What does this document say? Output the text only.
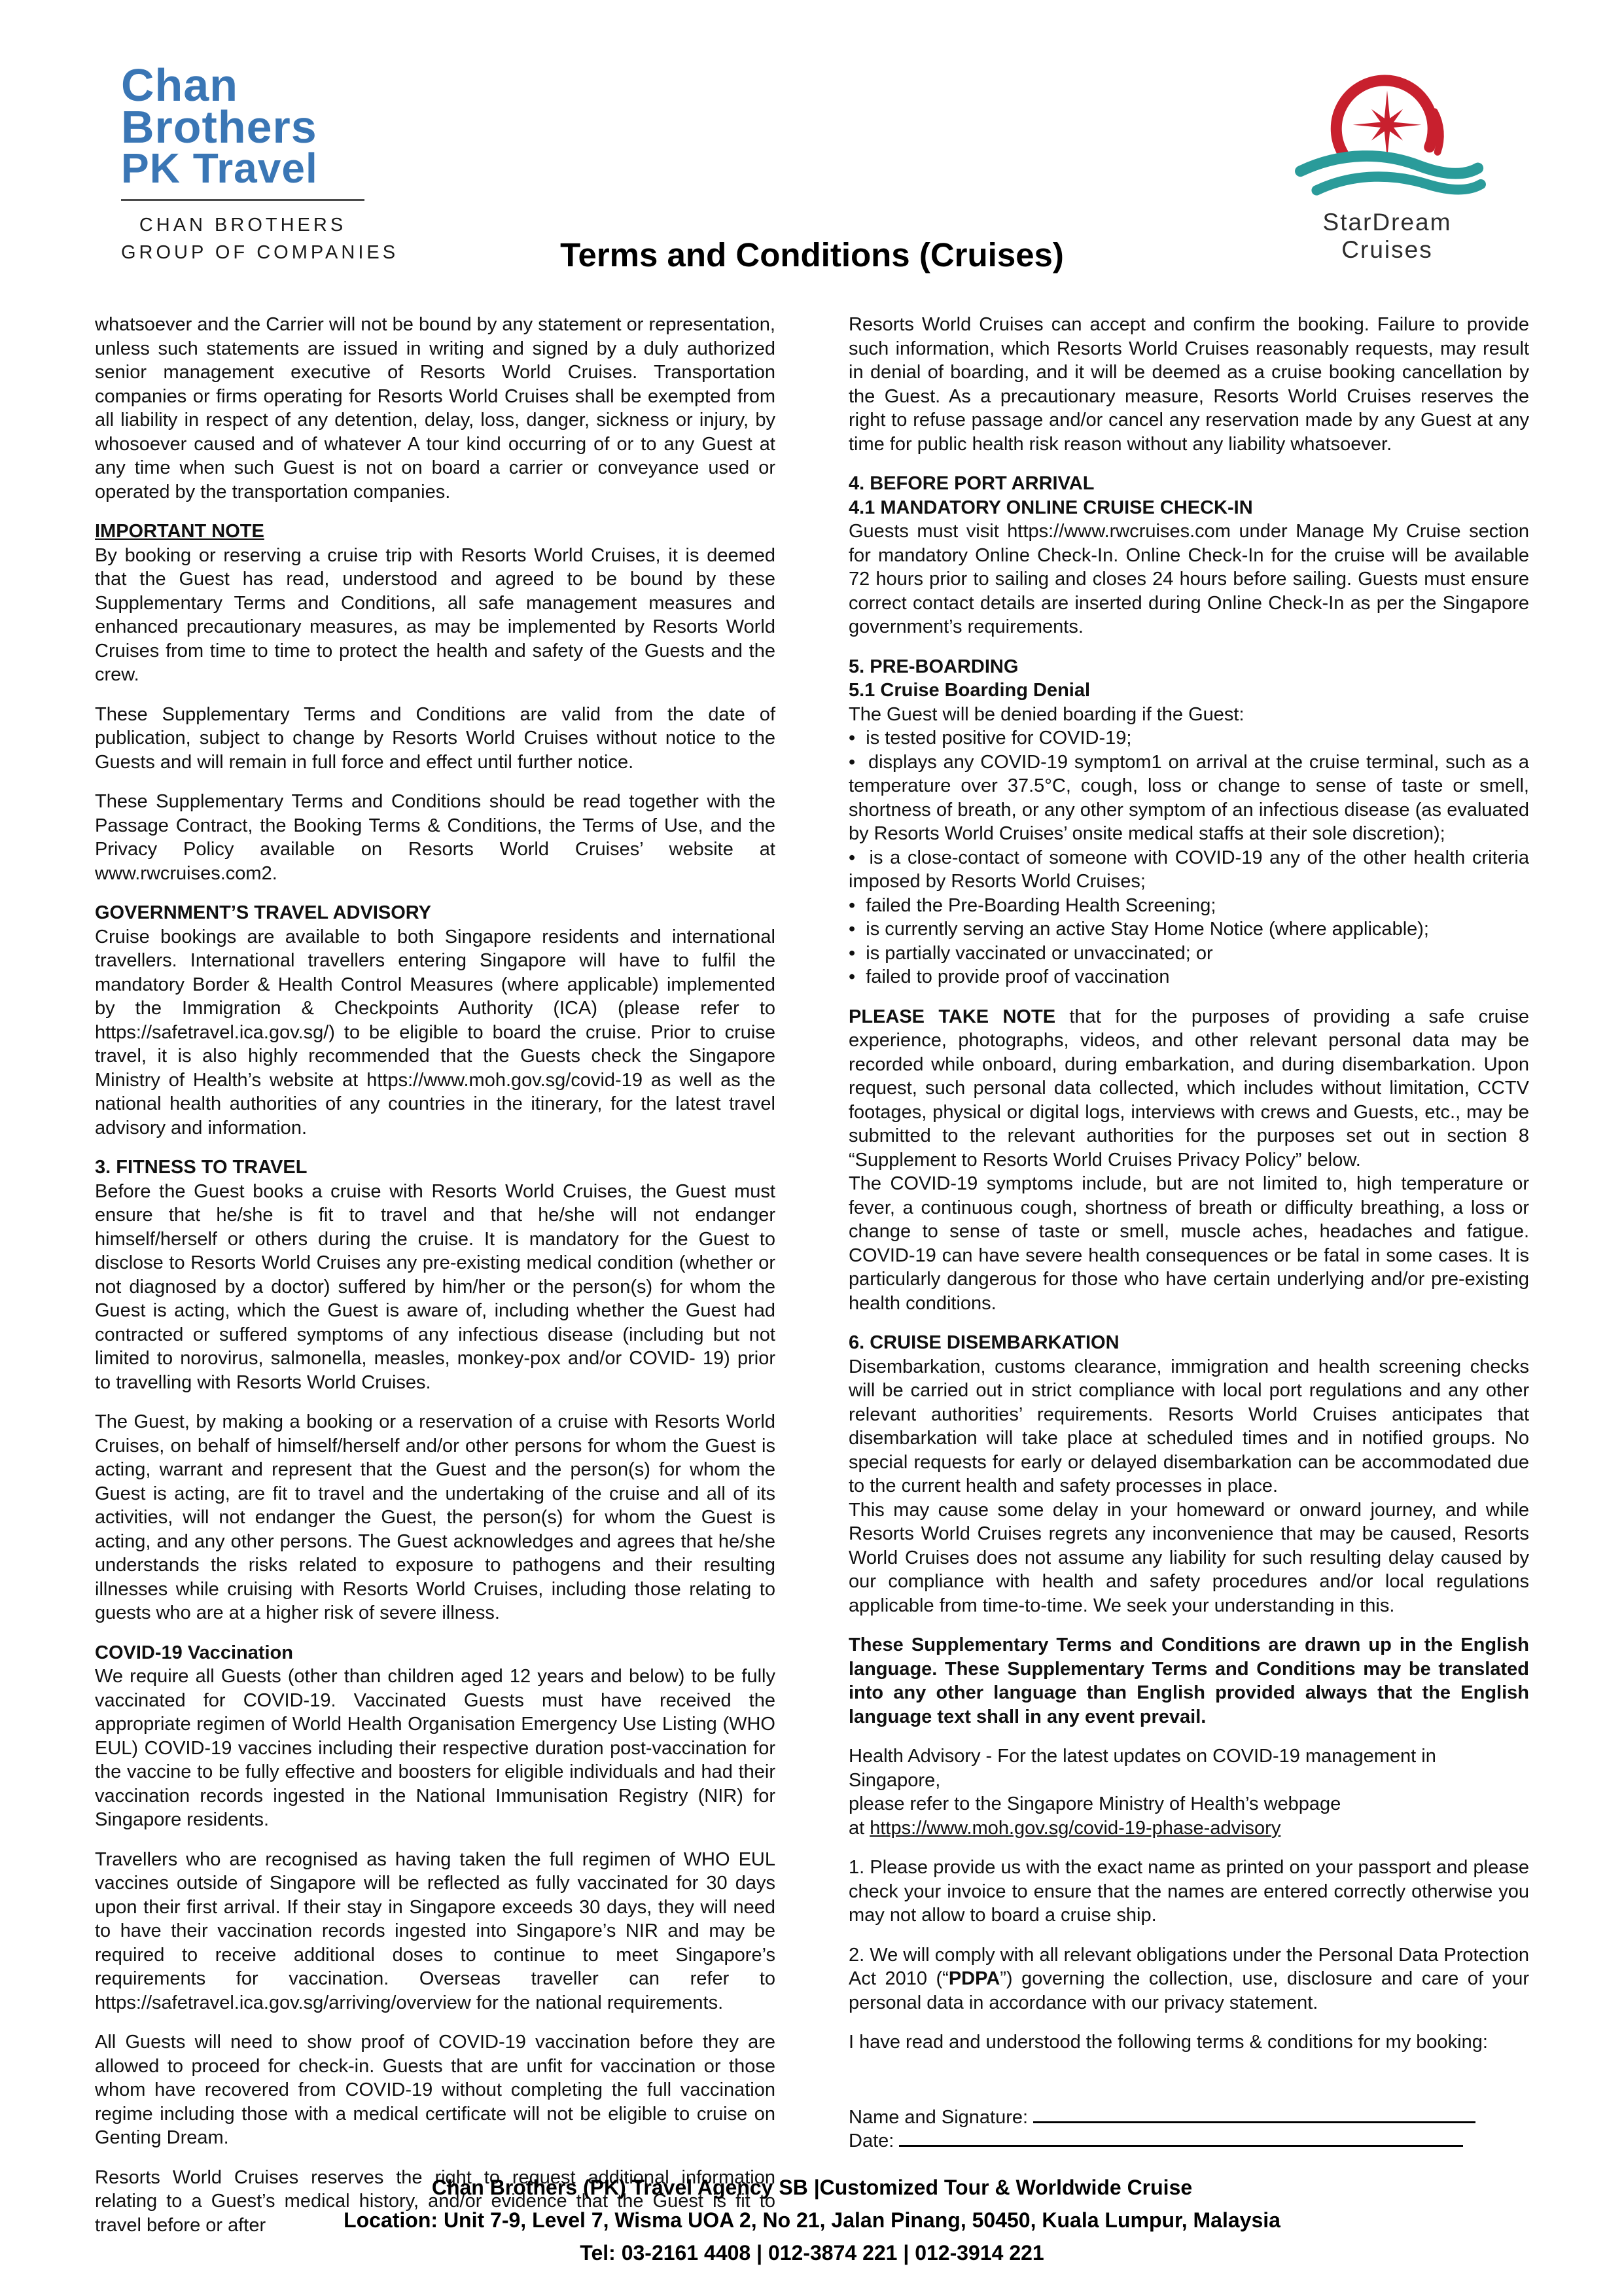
Chan
Brothers
PK Travel
CHAN BROTHERS
GROUP OF COMPANIES
StarDream Cruises
Terms and Conditions (Cruises)
whatsoever and the Carrier will not be bound by any statement or representation, unless such statements are issued in writing and signed by a duly authorized senior management executive of Resorts World Cruises. Transportation companies or firms operating for Resorts World Cruises shall be exempted from all liability in respect of any detention, delay, loss, danger, sickness or injury, by whosoever caused and of whatever A tour kind occurring of or to any Guest at any time when such Guest is not on board a carrier or conveyance used or operated by the transportation companies.
IMPORTANT NOTE
By booking or reserving a cruise trip with Resorts World Cruises, it is deemed that the Guest has read, understood and agreed to be bound by these Supplementary Terms and Conditions, all safe management measures and enhanced precautionary measures, as may be implemented by Resorts World Cruises from time to time to protect the health and safety of the Guests and the crew.
These Supplementary Terms and Conditions are valid from the date of publication, subject to change by Resorts World Cruises without notice to the Guests and will remain in full force and effect until further notice.
These Supplementary Terms and Conditions should be read together with the Passage Contract, the Booking Terms & Conditions, the Terms of Use, and the Privacy Policy available on Resorts World Cruises’ website at www.rwcruises.com2.
GOVERNMENT’S TRAVEL ADVISORY
Cruise bookings are available to both Singapore residents and international travellers. International travellers entering Singapore will have to fulfil the mandatory Border & Health Control Measures (where applicable) implemented by the Immigration & Checkpoints Authority (ICA) (please refer to https://safetravel.ica.gov.sg/) to be eligible to board the cruise. Prior to cruise travel, it is also highly recommended that the Guests check the Singapore Ministry of Health’s website at https://www.moh.gov.sg/covid-19 as well as the national health authorities of any countries in the itinerary, for the latest travel advisory and information.
3. FITNESS TO TRAVEL
Before the Guest books a cruise with Resorts World Cruises, the Guest must ensure that he/she is fit to travel and that he/she will not endanger himself/herself or others during the cruise. It is mandatory for the Guest to disclose to Resorts World Cruises any pre-existing medical condition (whether or not diagnosed by a doctor) suffered by him/her or the person(s) for whom the Guest is acting, which the Guest is aware of, including whether the Guest had contracted or suffered symptoms of any infectious disease (including but not limited to norovirus, salmonella, measles, monkey-pox and/or COVID- 19) prior to travelling with Resorts World Cruises.
The Guest, by making a booking or a reservation of a cruise with Resorts World Cruises, on behalf of himself/herself and/or other persons for whom the Guest is acting, warrant and represent that the Guest and the person(s) for whom the Guest is acting, are fit to travel and the undertaking of the cruise and all of its activities, will not endanger the Guest, the person(s) for whom the Guest is acting, and any other persons. The Guest acknowledges and agrees that he/she understands the risks related to exposure to pathogens and their resulting illnesses while cruising with Resorts World Cruises, including those relating to guests who are at a higher risk of severe illness.
COVID-19 Vaccination
We require all Guests (other than children aged 12 years and below) to be fully vaccinated for COVID-19. Vaccinated Guests must have received the appropriate regimen of World Health Organisation Emergency Use Listing (WHO EUL) COVID-19 vaccines including their respective duration post-vaccination for the vaccine to be fully effective and boosters for eligible individuals and had their vaccination records ingested in the National Immunisation Registry (NIR) for Singapore residents.
Travellers who are recognised as having taken the full regimen of WHO EUL vaccines outside of Singapore will be reflected as fully vaccinated for 30 days upon their first arrival. If their stay in Singapore exceeds 30 days, they will need to have their vaccination records ingested into Singapore’s NIR and may be required to receive additional doses to continue to meet Singapore’s requirements for vaccination. Overseas traveller can refer to https://safetravel.ica.gov.sg/arriving/overview for the national requirements.
All Guests will need to show proof of COVID-19 vaccination before they are allowed to proceed for check-in. Guests that are unfit for vaccination or those whom have recovered from COVID-19 without completing the full vaccination regime including those with a medical certificate will not be eligible to cruise on Genting Dream.
Resorts World Cruises reserves the right to request additional information relating to a Guest’s medical history, and/or evidence that the Guest is fit to travel before or after
Resorts World Cruises can accept and confirm the booking. Failure to provide such information, which Resorts World Cruises reasonably requests, may result in denial of boarding, and it will be deemed as a cruise booking cancellation by the Guest. As a precautionary measure, Resorts World Cruises reserves the right to refuse passage and/or cancel any reservation made by any Guest at any time for public health risk reason without any liability whatsoever.
4. BEFORE PORT ARRIVAL
4.1 MANDATORY ONLINE CRUISE CHECK-IN
Guests must visit https://www.rwcruises.com under Manage My Cruise section for mandatory Online Check-In. Online Check-In for the cruise will be available 72 hours prior to sailing and closes 24 hours before sailing. Guests must ensure correct contact details are inserted during Online Check-In as per the Singapore government’s requirements.
5. PRE-BOARDING
5.1 Cruise Boarding Denial
The Guest will be denied boarding if the Guest:
•  is tested positive for COVID-19;
•  displays any COVID-19 symptom1 on arrival at the cruise terminal, such as a temperature over 37.5°C, cough, loss or change to sense of taste or smell, shortness of breath, or any other symptom of an infectious disease (as evaluated by Resorts World Cruises’ onsite medical staffs at their sole discretion);
•  is a close-contact of someone with COVID-19 any of the other health criteria imposed by Resorts World Cruises;
•  failed the Pre-Boarding Health Screening;
•  is currently serving an active Stay Home Notice (where applicable);
•  is partially vaccinated or unvaccinated; or
•  failed to provide proof of vaccination
PLEASE TAKE NOTE that for the purposes of providing a safe cruise experience, photographs, videos, and other relevant personal data may be recorded while onboard, during embarkation, and during disembarkation. Upon request, such personal data collected, which includes without limitation, CCTV footages, physical or digital logs, interviews with crews and Guests, etc., may be submitted to the relevant authorities for the purposes set out in section 8 “Supplement to Resorts World Cruises Privacy Policy” below.
The COVID-19 symptoms include, but are not limited to, high temperature or fever, a continuous cough, shortness of breath or difficulty breathing, a loss or change to sense of taste or smell, muscle aches, headaches and fatigue. COVID-19 can have severe health consequences or be fatal in some cases. It is particularly dangerous for those who have certain underlying and/or pre-existing health conditions.
6. CRUISE DISEMBARKATION
Disembarkation, customs clearance, immigration and health screening checks will be carried out in strict compliance with local port regulations and any other relevant authorities’ requirements. Resorts World Cruises anticipates that disembarkation will take place at scheduled times and in notified groups. No special requests for early or delayed disembarkation can be accommodated due to the current health and safety processes in place.
This may cause some delay in your homeward or onward journey, and while Resorts World Cruises regrets any inconvenience that may be caused, Resorts World Cruises does not assume any liability for such resulting delay caused by our compliance with health and safety procedures and/or local regulations applicable from time-to-time. We seek your understanding in this.
These Supplementary Terms and Conditions are drawn up in the English language. These Supplementary Terms and Conditions may be translated into any other language than English provided always that the English language text shall in any event prevail.
Health Advisory - For the latest updates on COVID-19 management in Singapore,
please refer to the Singapore Ministry of Health’s webpage
at https://www.moh.gov.sg/covid-19-phase-advisory
1. Please provide us with the exact name as printed on your passport and please check your invoice to ensure that the names are entered correctly otherwise you may not allow to board a cruise ship.
2. We will comply with all relevant obligations under the Personal Data Protection Act 2010 (“PDPA”) governing the collection, use, disclosure and care of your personal data in accordance with our privacy statement.
I have read and understood the following terms & conditions for my booking:
Name and Signature:
Date:
Chan Brothers (PK) Travel Agency SB |Customized Tour & Worldwide Cruise
Location: Unit 7-9, Level 7, Wisma UOA 2, No 21, Jalan Pinang, 50450, Kuala Lumpur, Malaysia
Tel: 03-2161 4408 | 012-3874 221 | 012-3914 221
